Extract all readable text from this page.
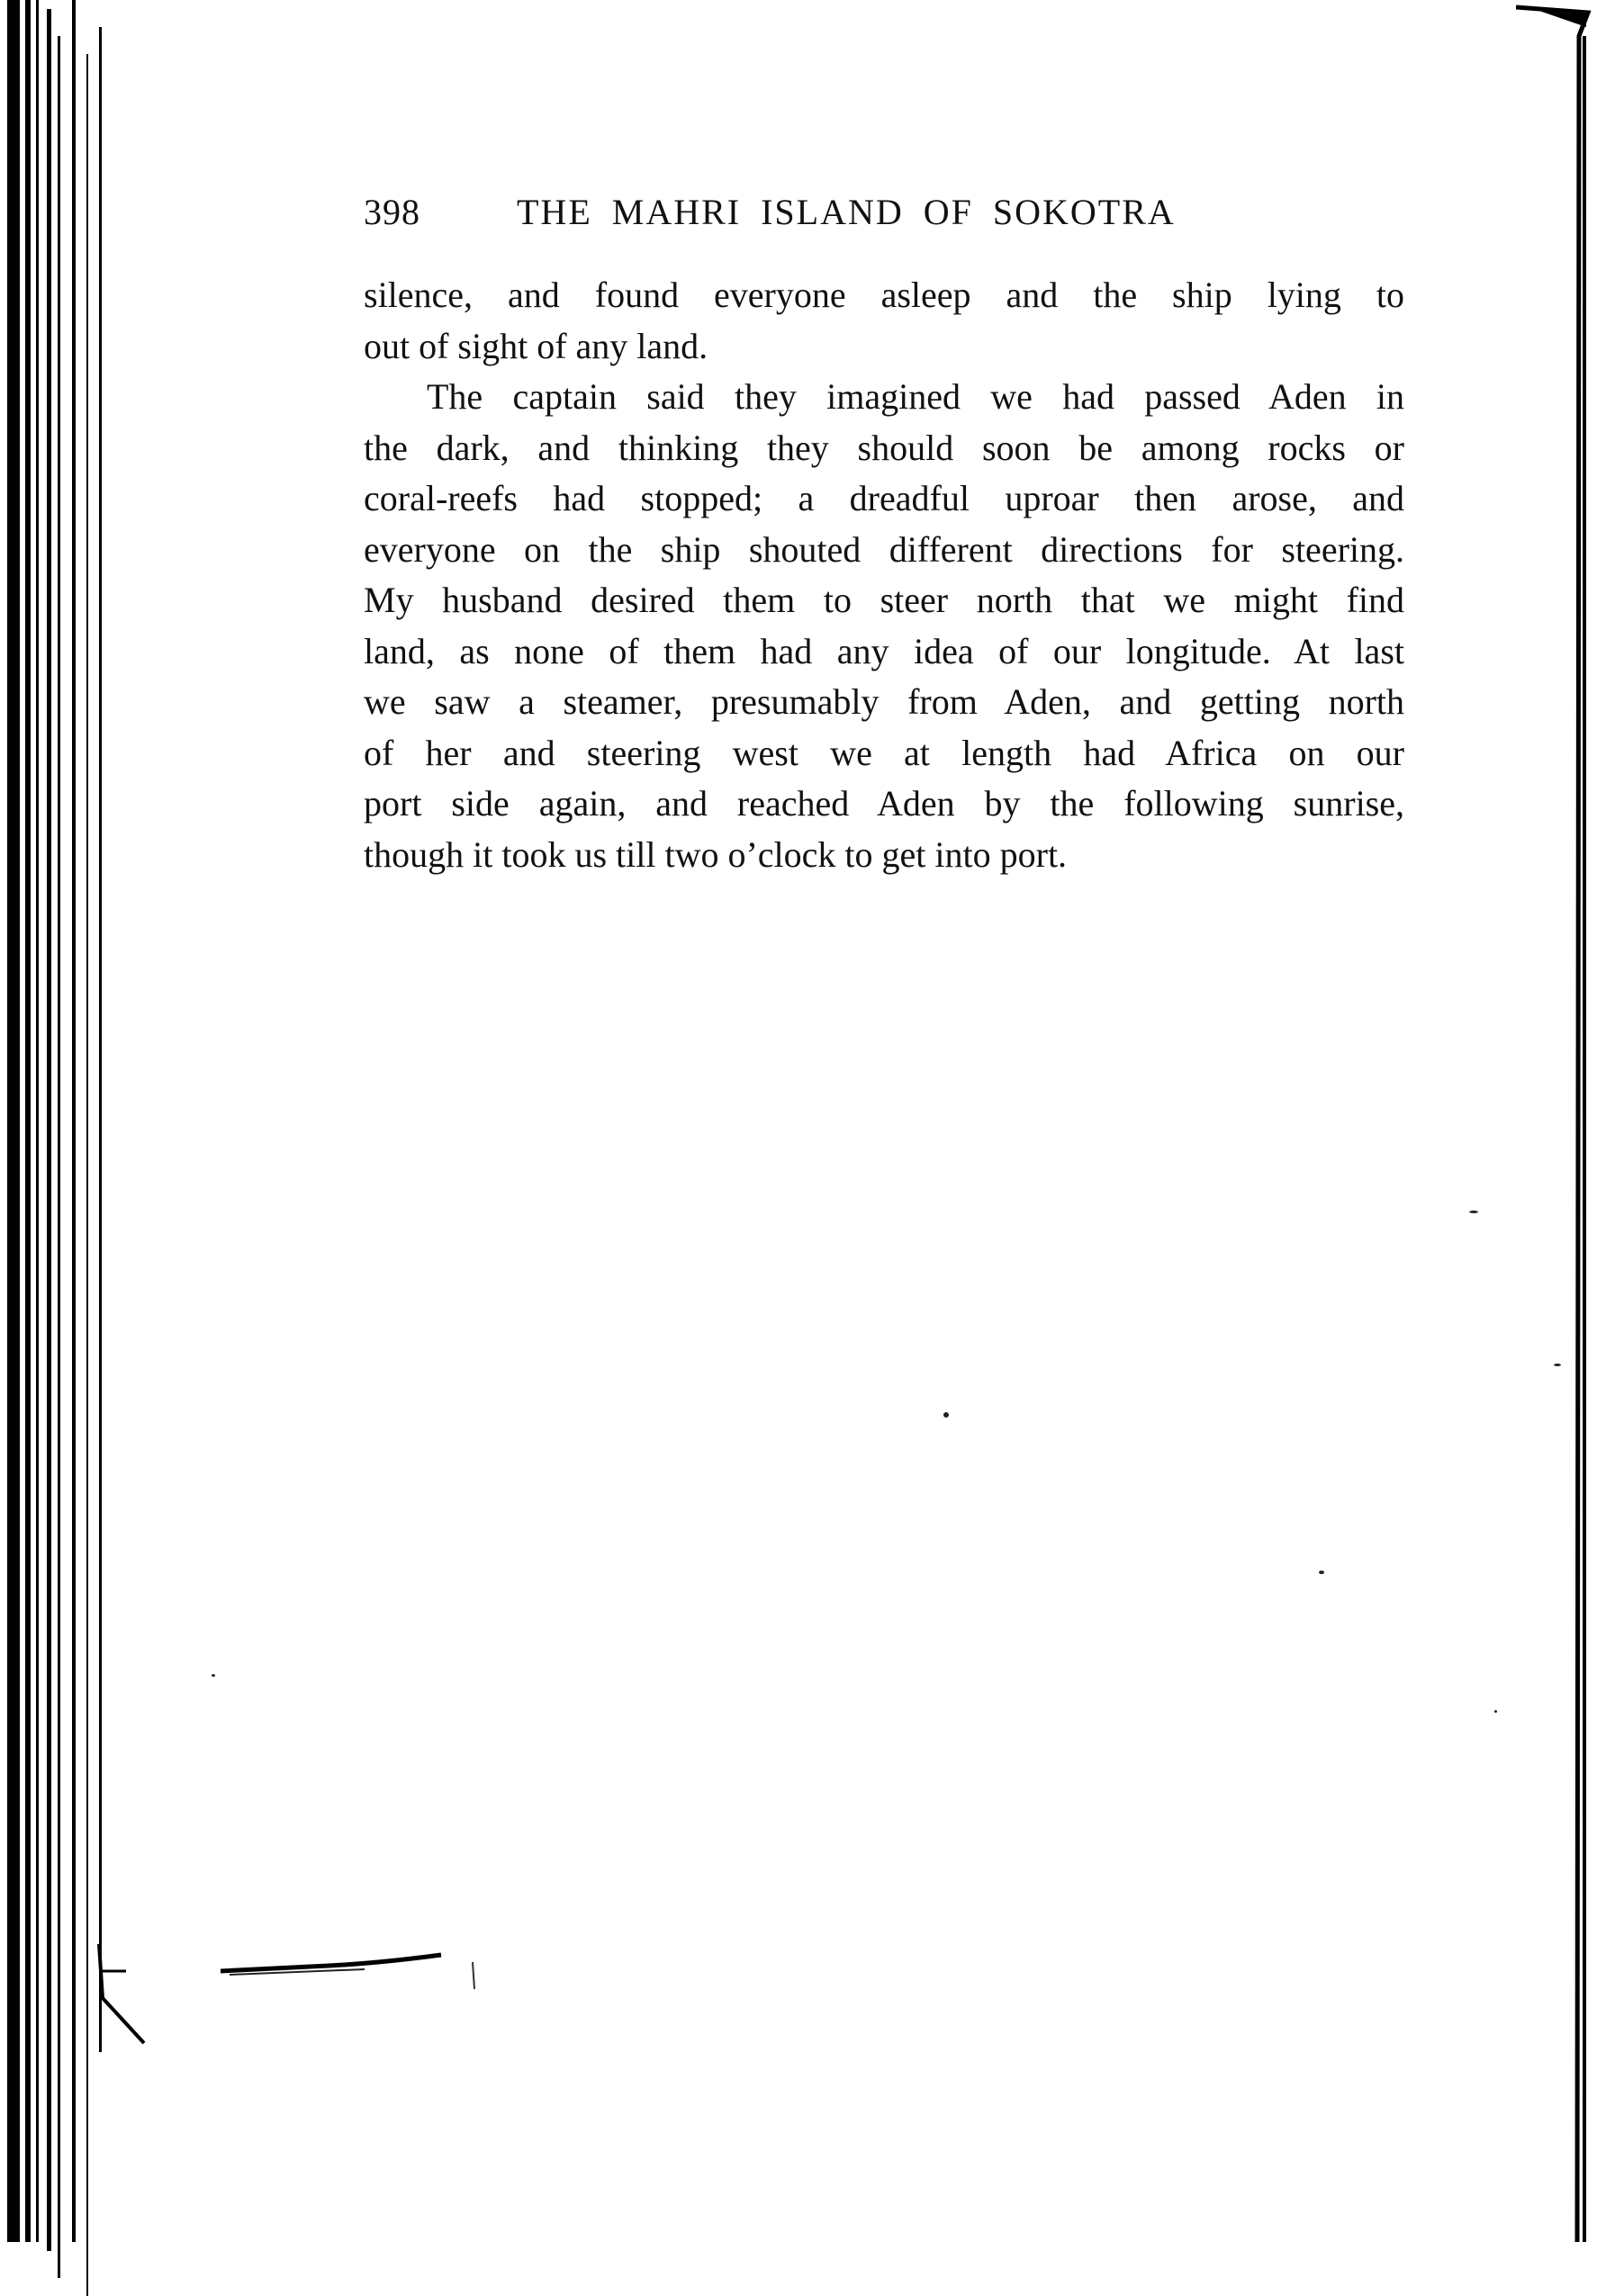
398	THE MAHRI ISLAND OF SOKOTRA

silence, and found everyone asleep and the ship lying to
out of sight of any land.

The captain said they imagined we had passed Aden in
the dark, and thinking they should soon be among rocks or
coral-reefs had stopped; a dreadful uproar then arose, and
everyone on the ship shouted different directions for steering.
My husband desired them to steer north that we might find
land, as none of them had any idea of our longitude. At last
we saw a steamer, presumably from Aden, and getting north
of her and steering west we at length had Africa on our
port side again, and reached Aden by the following sunrise,
though it took us till two o’clock to get into port.
